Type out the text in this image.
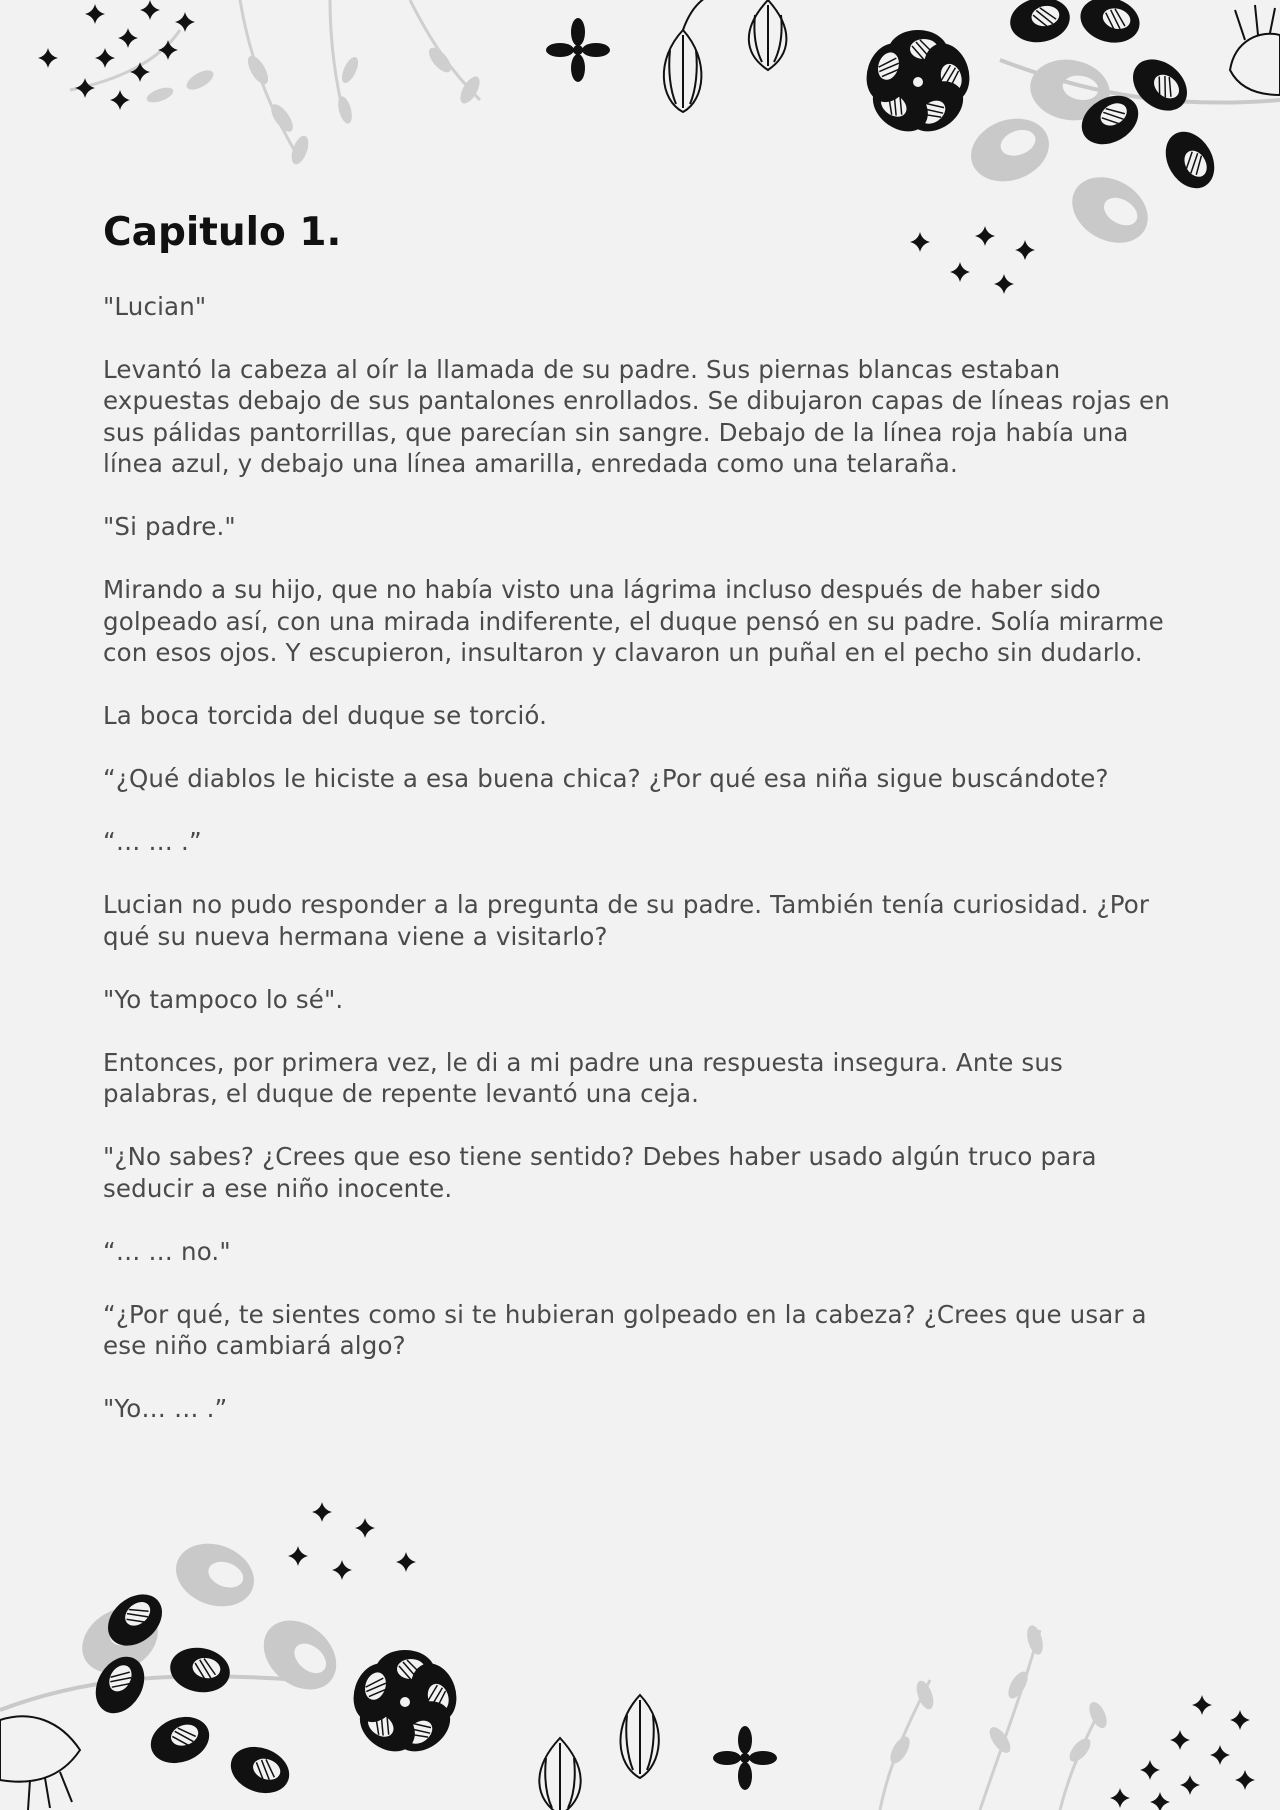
Capitulo 1.

"Lucian"

Levantó la cabeza al oír la llamada de su padre. Sus piernas blancas estaban expuestas debajo de sus pantalones enrollados. Se dibujaron capas de líneas rojas en sus pálidas pantorrillas, que parecían sin sangre. Debajo de la línea roja había una línea azul, y debajo una línea amarilla, enredada como una telaraña.

"Si padre."

Mirando a su hijo, que no había visto una lágrima incluso después de haber sido golpeado así, con una mirada indiferente, el duque pensó en su padre. Solía mirarme con esos ojos. Y escupieron, insultaron y clavaron un puñal en el pecho sin dudarlo.

La boca torcida del duque se torció.

“¿Qué diablos le hiciste a esa buena chica? ¿Por qué esa niña sigue buscándote?

“… … .”

Lucian no pudo responder a la pregunta de su padre. También tenía curiosidad. ¿Por qué su nueva hermana viene a visitarlo?

"Yo tampoco lo sé".

Entonces, por primera vez, le di a mi padre una respuesta insegura. Ante sus palabras, el duque de repente levantó una ceja.

"¿No sabes? ¿Crees que eso tiene sentido? Debes haber usado algún truco para seducir a ese niño inocente.

“… … no."

“¿Por qué, te sientes como si te hubieran golpeado en la cabeza? ¿Crees que usar a ese niño cambiará algo?

"Yo… … .”
